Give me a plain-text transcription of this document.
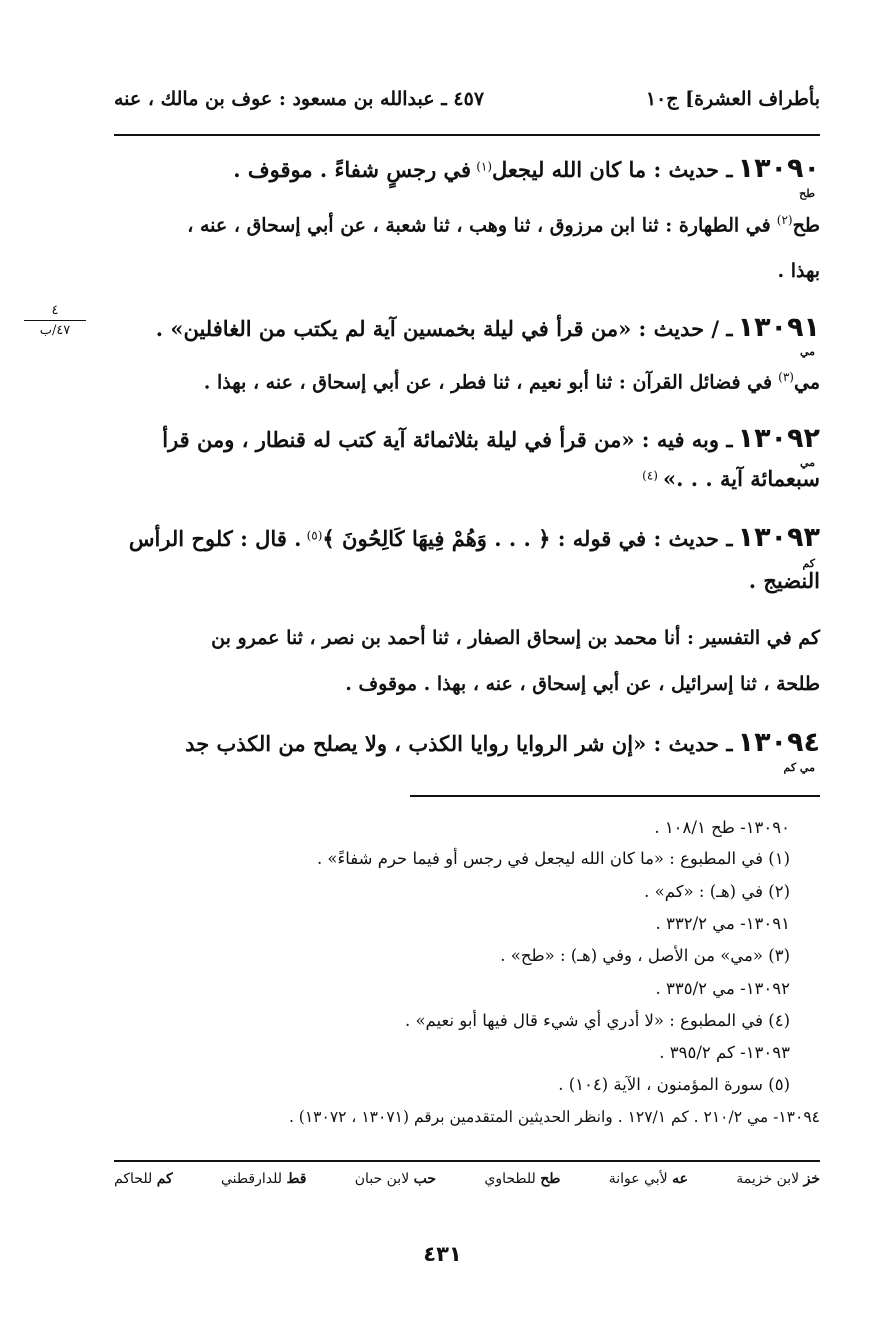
بأطراف العشرة] ج١٠
٤٥٧ ـ عبدالله بن مسعود : عوف بن مالك ، عنه
١٣٠٩٠ ـ حديث : ما كان الله ليجعل$^{(١)}$ في رجسٍ شفاءً . موقوف .
طح
طح$^{(٢)}$ في الطهارة : ثنا ابن مرزوق ، ثنا وهب ، ثنا شعبة ، عن أبي إسحاق ، عنه ،
بهذا .
٤
٤٧/ب	١٣٠٩١ ـ / حديث : «من قرأ في ليلة بخمسين آية لم يكتب من الغافلين» .
مي
مي$^{(٣)}$ في فضائل القرآن : ثنا أبو نعيم ، ثنا فطر ، عن أبي إسحاق ، عنه ، بهذا .
١٣٠٩٢ ـ وبه فيه : «من قرأ في ليلة بثلاثمائة آية كتب له قنطار ، ومن قرأ
مي
سبعمائة آية . . .» $^{(٤)}$
١٣٠٩٣ ـ حديث : في قوله : ﴿ . . . وَهُمْ فِيهَا كَالِحُونَ ﴾$^{(٥)}$ . قال : كلوح الرأس
كم
النضيج .
كم في التفسير : أنا محمد بن إسحاق الصفار ، ثنا أحمد بن نصر ، ثنا عمرو بن
طلحة ، ثنا إسرائيل ، عن أبي إسحاق ، عنه ، بهذا . موقوف .
١٣٠٩٤ ـ حديث : «إن شر الروايا روايا الكذب ، ولا يصلح من الكذب جد
مي كم
١٣٠٩٠- طح ١٠٨/١ .
(١) في المطبوع : «ما كان الله ليجعل في رجس أو فيما حرم شفاءً» .
(٢) في (هـ) : «كم» .
١٣٠٩١- مي ٣٣٢/٢ .
(٣) «مي» من الأصل ، وفي (هـ) : «طح» .
١٣٠٩٢- مي ٣٣٥/٢ .
(٤) في المطبوع : «لا أدري أي شيء قال فيها أبو نعيم» .
١٣٠٩٣- كم ٣٩٥/٢ .
(٥) سورة المؤمنون ، الآية (١٠٤) .
١٣٠٩٤- مي ٢١٠/٢ . كم ١٢٧/١ . وانظر الحديثين المتقدمين برقم (١٣٠٧١ ، ١٣٠٧٢) .
خز لابن خزيمة
عه لأبي عوانة
طح للطحاوي
حب لابن حبان
قط للدارقطني
كم للحاكم
٤٣١
